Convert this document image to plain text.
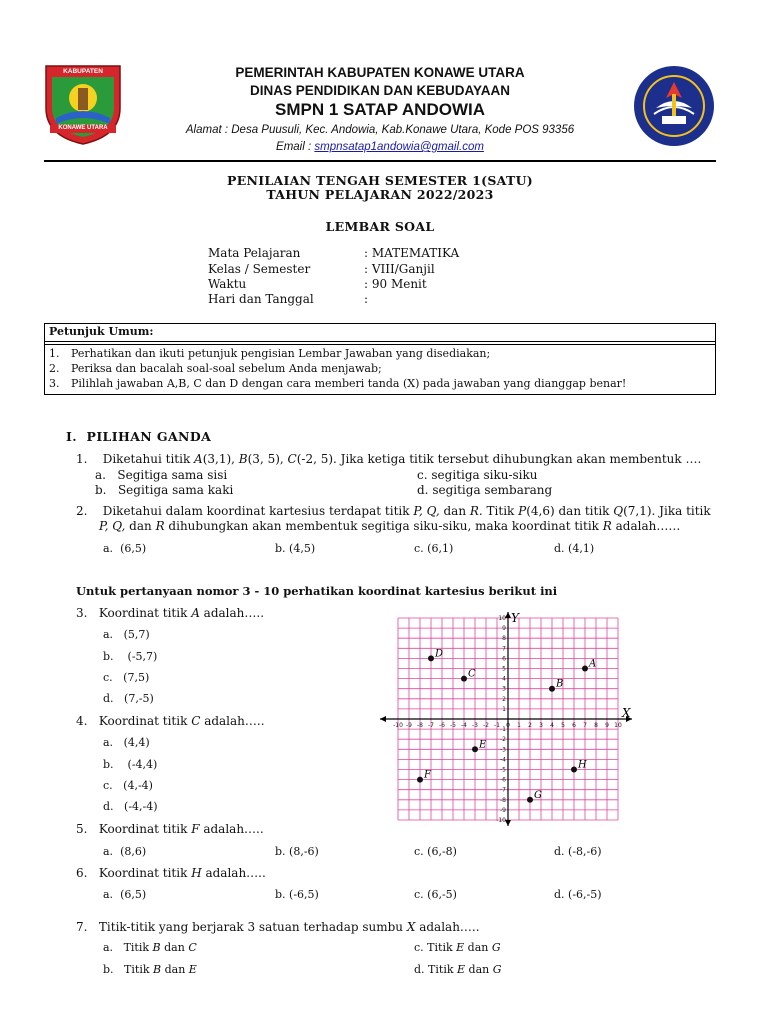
KABUPATEN
KONAWE UTARA
PEMERINTAH KABUPATEN KONAWE UTARA
DINAS PENDIDIKAN DAN KEBUDAYAAN
SMPN 1 SATAP ANDOWIA
Alamat : Desa Puusuli, Kec. Andowia, Kab.Konawe Utara, Kode POS 93356
Email : smpnsatap1andowia@gmail.com
PENILAIAN TENGAH SEMESTER 1(SATU)
TAHUN PELAJARAN 2022/2023
LEMBAR SOAL
Mata Pelajaran	: MATEMATIKA
Kelas / Semester	: VIII/Ganjil
Waktu	: 90 Menit
Hari dan Tanggal	:
Petunjuk Umum:
1. Perhatikan dan ikuti petunjuk pengisian Lembar Jawaban yang disediakan;
2. Periksa dan bacalah soal-soal sebelum Anda menjawab;
3. Pilihlah jawaban A,B, C dan D dengan cara memberi tanda (X) pada jawaban yang dianggap benar!
I. PILIHAN GANDA
1. Diketahui titik A(3,1), B(3, 5), C(-2, 5). Jika ketiga titik tersebut dihubungkan akan membentuk ….
a. Segitiga sama sisi
b. Segitiga sama kaki
c. segitiga siku-siku
d. segitiga sembarang
2. Diketahui dalam koordinat kartesius terdapat titik P, Q, dan R. Titik P(4,6) dan titik Q(7,1). Jika titik
P, Q, dan R dihubungkan akan membentuk segitiga siku-siku, maka koordinat titik R adalah……
a. (6,5)	b. (4,5)	c. (6,1)	d. (4,1)
Untuk pertanyaan nomor 3 - 10 perhatikan koordinat kartesius berikut ini
3. Koordinat titik A adalah…..
a. (5,7)
b.    (-5,7)
c. (7,5)
d. (7,-5)
4. Koordinat titik C adalah…..
a. (4,4)
b.    (-4,4)
c. (4,-4)
d. (-4,-4)
5. Koordinat titik F adalah…..
a. (8,6)	b. (8,-6)	c. (6,-8)	d. (-8,-6)
6. Koordinat titik H adalah…..
a. (6,5)	b. (-6,5)	c. (6,-5)	d. (-6,-5)
7. Titik-titik yang berjarak 3 satuan terhadap sumbu X adalah…..
a. Titik B dan C
b. Titik B dan E
c. Titik E dan G
d. Titik E dan G
X
Y
-10 -9 -8 -7 -6 -5 -4 -3 -2 -1 0 1 2 3 4 5 6 7 8 9 10
10
9
8
7
6
5
4
3
2
1
-1
-2
-3
-4
-5
-6
-7
-8
-9
-10
A
B
C
D
E
F
G
H
